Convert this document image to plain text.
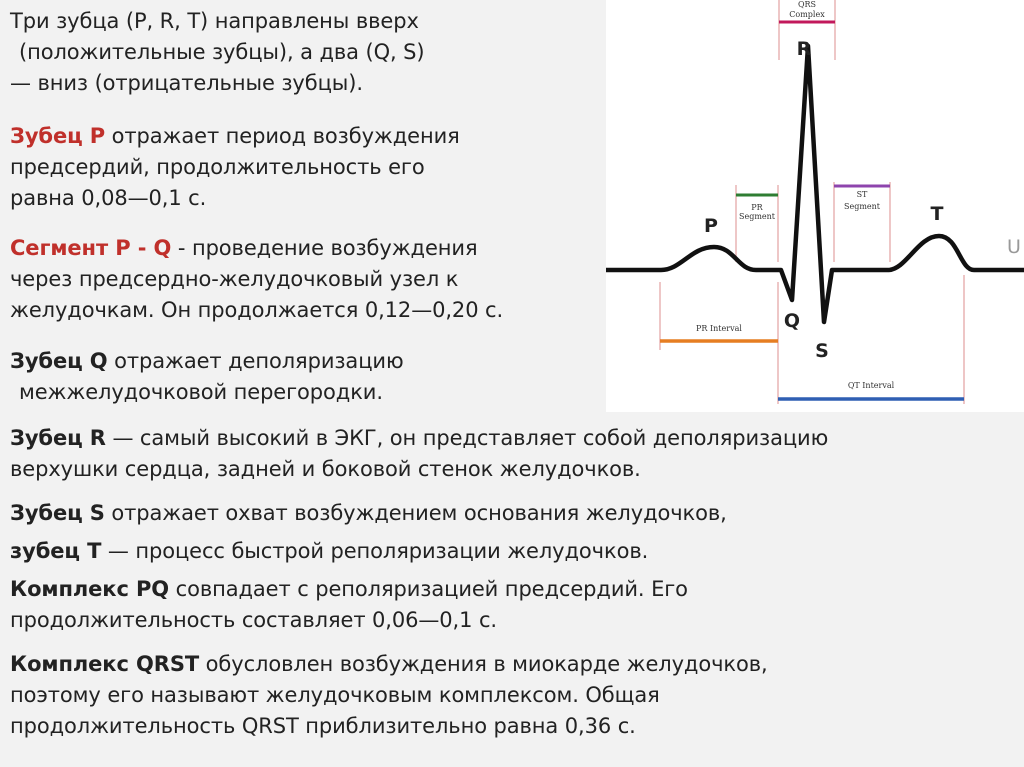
Три зубца (P, R, T) направлены вверх
(положительные зубцы), а два (Q, S)
— вниз (отрицательные зубцы).
Зубец Р отражает период возбуждения
предсердий, продолжительность его
равна 0,08—0,1 с.
Сегмент P - Q - проведение возбуждения
через предсердно-желудочковый узел к
желудочкам. Он продолжается 0,12—0,20 с.
Зубец Q отражает деполяризацию
межжелудочковой перегородки.
Зубец R — самый высокий в ЭКГ, он представляет собой деполяризацию
верхушки сердца, задней и боковой стенок желудочков.
Зубец S отражает охват возбуждением основания желудочков,
зубец Т — процесс быстрой реполяризации желудочков.
Комплекс PQ совпадает с реполяризацией предсердий. Его
продолжительность составляет 0,06—0,1 с.
Комплекс QRST обусловлен возбуждения в миокарде желудочков,
поэтому его называют желудочковым комплексом. Общая
продолжительность QRST приблизительно равна 0,36 с.
QRS
Complex
PR
Segment
ST
Segment
PR Interval
QT Interval
R
P
Q
S
T
U
